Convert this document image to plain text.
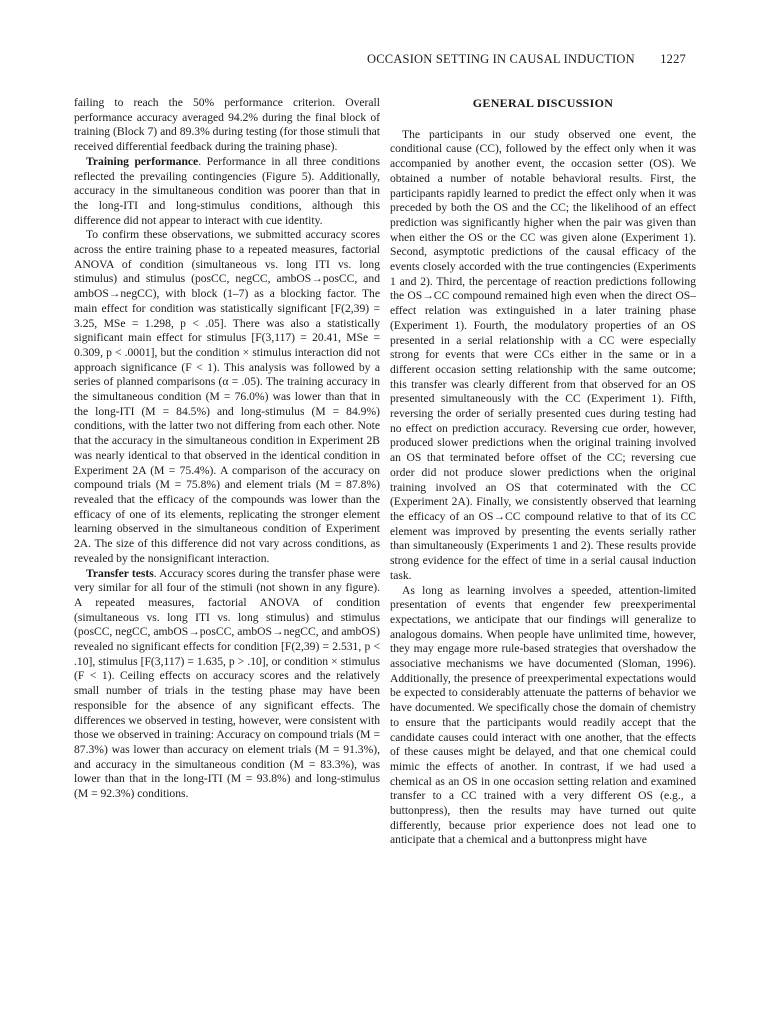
OCCASION SETTING IN CAUSAL INDUCTION 1227

failing to reach the 50% performance criterion. Overall performance accuracy averaged 94.2% during the final block of training (Block 7) and 89.3% during testing (for those stimuli that received differential feedback during the training phase).

Training performance. Performance in all three conditions reflected the prevailing contingencies (Figure 5). Additionally, accuracy in the simultaneous condition was poorer than that in the long-ITI and long-stimulus conditions, although this difference did not appear to interact with cue identity.

To confirm these observations, we submitted accuracy scores across the entire training phase to a repeated measures, factorial ANOVA of condition (simultaneous vs. long ITI vs. long stimulus) and stimulus (posCC, negCC, ambOS→posCC, and ambOS→negCC), with block (1–7) as a blocking factor. The main effect for condition was statistically significant [F(2,39) = 3.25, MSe = 1.298, p < .05]. There was also a statistically significant main effect for stimulus [F(3,117) = 20.41, MSe = 0.309, p < .0001], but the condition × stimulus interaction did not approach significance (F < 1). This analysis was followed by a series of planned comparisons (α = .05). The training accuracy in the simultaneous condition (M = 76.0%) was lower than that in the long-ITI (M = 84.5%) and long-stimulus (M = 84.9%) conditions, with the latter two not differing from each other. Note that the accuracy in the simultaneous condition in Experiment 2B was nearly identical to that observed in the identical condition in Experiment 2A (M = 75.4%). A comparison of the accuracy on compound trials (M = 75.8%) and element trials (M = 87.8%) revealed that the efficacy of the compounds was lower than the efficacy of one of its elements, replicating the stronger element learning observed in the simultaneous condition of Experiment 2A. The size of this difference did not vary across conditions, as revealed by the nonsignificant interaction.

Transfer tests. Accuracy scores during the transfer phase were very similar for all four of the stimuli (not shown in any figure). A repeated measures, factorial ANOVA of condition (simultaneous vs. long ITI vs. long stimulus) and stimulus (posCC, negCC, ambOS→posCC, ambOS→negCC, and ambOS) revealed no significant effects for condition [F(2,39) = 2.531, p < .10], stimulus [F(3,117) = 1.635, p > .10], or condition × stimulus (F < 1). Ceiling effects on accuracy scores and the relatively small number of trials in the testing phase may have been responsible for the absence of any significant effects. The differences we observed in testing, however, were consistent with those we observed in training: Accuracy on compound trials (M = 87.3%) was lower than accuracy on element trials (M = 91.3%), and accuracy in the simultaneous condition (M = 83.3%), was lower than that in the long-ITI (M = 93.8%) and long-stimulus (M = 92.3%) conditions.

GENERAL DISCUSSION

The participants in our study observed one event, the conditional cause (CC), followed by the effect only when it was accompanied by another event, the occasion setter (OS). We obtained a number of notable behavioral results. First, the participants rapidly learned to predict the effect only when it was preceded by both the OS and the CC; the likelihood of an effect prediction was significantly higher when the pair was given than when either the OS or the CC was given alone (Experiment 1). Second, asymptotic predictions of the causal efficacy of the events closely accorded with the true contingencies (Experiments 1 and 2). Third, the percentage of reaction predictions following the OS→CC compound remained high even when the direct OS–effect relation was extinguished in a later training phase (Experiment 1). Fourth, the modulatory properties of an OS presented in a serial relationship with a CC were especially strong for events that were CCs either in the same or in a different occasion setting relationship with the same outcome; this transfer was clearly different from that observed for an OS presented simultaneously with the CC (Experiment 1). Fifth, reversing the order of serially presented cues during testing had no effect on prediction accuracy. Reversing cue order, however, produced slower predictions when the original training involved an OS that terminated before offset of the CC; reversing cue order did not produce slower predictions when the original training involved an OS that coterminated with the CC (Experiment 2A). Finally, we consistently observed that learning the efficacy of an OS→CC compound relative to that of its CC element was improved by presenting the events serially rather than simultaneously (Experiments 1 and 2). These results provide strong evidence for the effect of time in a serial causal induction task.

As long as learning involves a speeded, attention-limited presentation of events that engender few preexperimental expectations, we anticipate that our findings will generalize to analogous domains. When people have unlimited time, however, they may engage more rule-based strategies that overshadow the associative mechanisms we have documented (Sloman, 1996). Additionally, the presence of preexperimental expectations would be expected to considerably attenuate the patterns of behavior we have documented. We specifically chose the domain of chemistry to ensure that the participants would readily accept that the candidate causes could interact with one another, that the effects of these causes might be delayed, and that one chemical could mimic the effects of another. In contrast, if we had used a chemical as an OS in one occasion setting relation and examined transfer to a CC trained with a very different OS (e.g., a buttonpress), then the results may have turned out quite differently, because prior experience does not lead one to anticipate that a chemical and a buttonpress might have
